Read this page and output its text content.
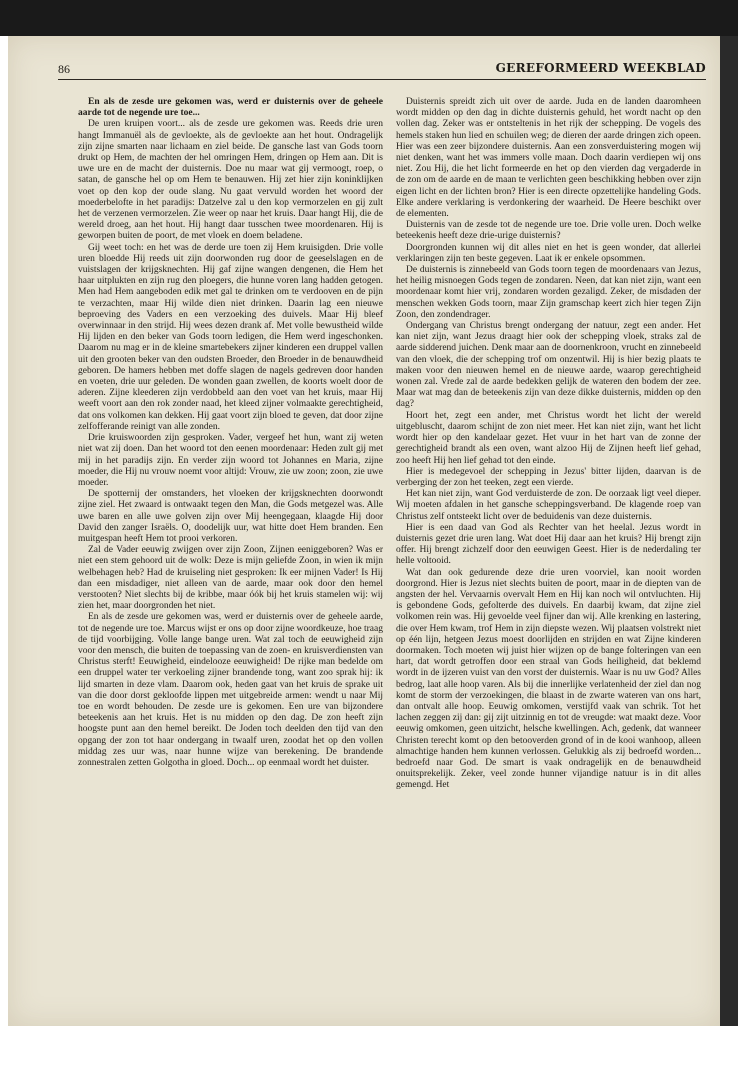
86	GEREFORMEERD WEEKBLAD

En als de zesde ure gekomen was, werd er duisternis over de geheele aarde tot de negende ure toe...

De uren kruipen voort... als de zesde ure gekomen was. Reeds drie uren hangt Immanuël als de gevloekte, als de gevloekte aan het hout. Ondragelijk zijn zijne smarten naar lichaam en ziel beide. De gansche last van Gods toorn drukt op Hem, de machten der hel omringen Hem, dringen op Hem aan. Dit is uwe ure en de macht der duisternis. Doe nu maar wat gij vermoogt, roep, o satan, de gansche hel op om Hem te benauwen. Hij zet hier zijn koninklijken voet op den kop der oude slang. Nu gaat vervuld worden het woord der moederbelofte in het paradijs: Datzelve zal u den kop vermorzelen en gij zult het de verzenen vermorzelen. Zie weer op naar het kruis. Daar hangt Hij, die de wereld droeg, aan het hout. Hij hangt daar tusschen twee moordenaren. Hij is geworpen buiten de poort, de met vloek en doem beladene.

Gij weet toch: en het was de derde ure toen zij Hem kruisigden. Drie volle uren bloedde Hij reeds uit zijn doorwonden rug door de geeselslagen en de vuistslagen der krijgsknechten. Hij gaf zijne wangen dengenen, die Hem het haar uitplukten en zijn rug den ploegers, die hunne voren lang hadden getogen. Men had Hem aangeboden edik met gal te drinken om te verdooven en de pijn te verzachten, maar Hij wilde dien niet drinken. Daarin lag een nieuwe beproeving des Vaders en een verzoeking des duivels. Maar Hij bleef overwinnaar in den strijd. Hij wees dezen drank af. Met volle bewustheid wilde Hij lijden en den beker van Gods toorn ledigen, die Hem werd ingeschonken. Daarom nu mag er in de kleine smartebekers zijner kinderen een druppel vallen uit den grooten beker van den oudsten Broeder, den Broeder in de benauwdheid geboren. De hamers hebben met doffe slagen de nagels gedreven door handen en voeten, drie uur geleden. De wonden gaan zwellen, de koorts woelt door de aderen. Zijne kleederen zijn verdobbeld aan den voet van het kruis, maar Hij weeft voort aan den rok zonder naad, het kleed zijner volmaakte gerechtigheid, dat ons volkomen kan dekken. Hij gaat voort zijn bloed te geven, dat door zijne zelfofferande reinigt van alle zonden.

Drie kruiswoorden zijn gesproken. Vader, vergeef het hun, want zij weten niet wat zij doen. Dan het woord tot den eenen moordenaar: Heden zult gij met mij in het paradijs zijn. En verder zijn woord tot Johannes en Maria, zijne moeder, die Hij nu vrouw noemt voor altijd: Vrouw, zie uw zoon; zoon, zie uwe moeder.

De spotternij der omstanders, het vloeken der krijgsknechten doorwondt zijne ziel. Het zwaard is ontwaakt tegen den Man, die Gods metgezel was. Alle uwe baren en alle uwe golven zijn over Mij heengegaan, klaagde Hij door David den zanger Israëls. O, doodelijk uur, wat hitte doet Hem branden. Een muitgespan heeft Hem tot prooi verkoren.

Zal de Vader eeuwig zwijgen over zijn Zoon, Zijnen eeniggeboren? Was er niet een stem gehoord uit de wolk: Deze is mijn geliefde Zoon, in wien ik mijn welbehagen heb? Had de kruiseling niet gesproken: Ik eer mijnen Vader! Is Hij dan een misdadiger, niet alleen van de aarde, maar ook door den hemel verstooten? Niet slechts bij de kribbe, maar óók bij het kruis stamelen wij: wij zien het, maar doorgronden het niet.

En als de zesde ure gekomen was, werd er duisternis over de geheele aarde, tot de negende ure toe. Marcus wijst er ons op door zijne woordkeuze, hoe traag de tijd voorbijging. Volle lange bange uren. Wat zal toch de eeuwigheid zijn voor den mensch, die buiten de toepassing van de zoen- en kruisverdiensten van Christus sterft! Eeuwigheid, eindelooze eeuwigheid! De rijke man bedelde om een druppel water ter verkoeling zijner brandende tong, want zoo sprak hij: ik lijd smarten in deze vlam. Daarom ook, heden gaat van het kruis de sprake uit van die door dorst gekloofde lippen met uitgebreide armen: wendt u naar Mij toe en wordt behouden. De zesde ure is gekomen. Een ure van bijzondere beteekenis aan het kruis. Het is nu midden op den dag. De zon heeft zijn hoogste punt aan den hemel bereikt. De Joden toch deelden den tijd van den opgang der zon tot haar ondergang in twaalf uren, zoodat het op den vollen middag zes uur was, naar hunne wijze van berekening. De brandende zonnestralen zetten Golgotha in gloed. Doch... op eenmaal wordt het duister.

Duisternis spreidt zich uit over de aarde. Juda en de landen daaromheen wordt midden op den dag in dichte duisternis gehuld, het wordt nacht op den vollen dag. Zeker was er ontsteltenis in het rijk der schepping. De vogels des hemels staken hun lied en schuilen weg; de dieren der aarde dringen zich opeen. Hier was een zeer bijzondere duisternis. Aan een zonsverduistering mogen wij niet denken, want het was immers volle maan. Doch daarin verdiepen wij ons niet. Zou Hij, die het licht formeerde en het op den vierden dag vergaderde in de zon om de aarde en de maan te verlichten geen beschikking hebben over zijn eigen licht en der lichten bron? Hier is een directe opzettelijke handeling Gods. Elke andere verklaring is verdonkering der waarheid. De Heere beschikt over de elementen.

Duisternis van de zesde tot de negende ure toe. Drie volle uren. Doch welke beteekenis heeft deze drie-urige duisternis?

Doorgronden kunnen wij dit alles niet en het is geen wonder, dat allerlei verklaringen zijn ten beste gegeven. Laat ik er enkele opsommen.

De duisternis is zinnebeeld van Gods toorn tegen de moordenaars van Jezus, het heilig misnoegen Gods tegen de zondaren. Neen, dat kan niet zijn, want een moordenaar komt hier vrij, zondaren worden gezaligd. Zeker, de misdaden der menschen wekken Gods toorn, maar Zijn gramschap keert zich hier tegen Zijn Zoon, den zondendrager.

Ondergang van Christus brengt ondergang der natuur, zegt een ander. Het kan niet zijn, want Jezus draagt hier ook der schepping vloek, straks zal de aarde sidderend juichen. Denk maar aan de doornenkroon, vrucht en zinnebeeld van den vloek, die der schepping trof om onzentwil. Hij is hier bezig plaats te maken voor den nieuwen hemel en de nieuwe aarde, waarop gerechtigheid wonen zal. Vrede zal de aarde bedekken gelijk de wateren den bodem der zee. Maar wat mag dan de beteekenis zijn van deze dikke duisternis, midden op den dag?

Hoort het, zegt een ander, met Christus wordt het licht der wereld uitgebluscht, daarom schijnt de zon niet meer. Het kan niet zijn, want het licht wordt hier op den kandelaar gezet. Het vuur in het hart van de zonne der gerechtigheid brandt als een oven, want alzoo Hij de Zijnen heeft lief gehad, zoo heeft Hij hen lief gehad tot den einde.

Hier is medegevoel der schepping in Jezus' bitter lijden, daarvan is de verberging der zon het teeken, zegt een vierde.

Het kan niet zijn, want God verduisterde de zon. De oorzaak ligt veel dieper. Wij moeten afdalen in het gansche scheppingsverband. De klagende roep van Christus zelf ontsteekt licht over de beduidenis van deze duisternis.

Hier is een daad van God als Rechter van het heelal. Jezus wordt in duisternis gezet drie uren lang. Wat doet Hij daar aan het kruis? Hij brengt zijn offer. Hij brengt zichzelf door den eeuwigen Geest. Hier is de nederdaling ter helle voltooid.

Wat dan ook gedurende deze drie uren voorviel, kan nooit worden doorgrond. Hier is Jezus niet slechts buiten de poort, maar in de diepten van de angsten der hel. Vervaarnis overvalt Hem en Hij kan noch wil ontvluchten. Hij is gebondene Gods, gefolterde des duivels. En daarbij kwam, dat zijne ziel volkomen rein was. Hij gevoelde veel fijner dan wij. Alle krenking en lastering, die over Hem kwam, trof Hem in zijn diepste wezen. Wij plaatsen volstrekt niet op één lijn, hetgeen Jezus moest doorlijden en strijden en wat Zijne kinderen doormaken. Toch moeten wij juist hier wijzen op de bange folteringen van een hart, dat wordt getroffen door een straal van Gods heiligheid, dat beklemd wordt in de ijzeren vuist van den vorst der duisternis. Waar is nu uw God? Alles bedrog, laat alle hoop varen. Als bij die innerlijke verlatenheid der ziel dan nog komt de storm der verzoekingen, die blaast in de zwarte wateren van ons hart, dan ontvalt alle hoop. Eeuwig omkomen, verstijfd vaak van schrik. Tot het lachen zeggen zij dan: gij zijt uitzinnig en tot de vreugde: wat maakt deze. Voor eeuwig omkomen, geen uitzicht, helsche kwellingen. Ach, gedenk, dat wanneer Christen terecht komt op den betooverden grond of in de kooi wanhoop, alleen almachtige handen hem kunnen verlossen. Gelukkig als zij bedroefd worden... bedroefd naar God. De smart is vaak ondragelijk en de benauwdheid onuitsprekelijk. Zeker, veel zonde hunner vijandige natuur is in dit alles gemengd. Het
